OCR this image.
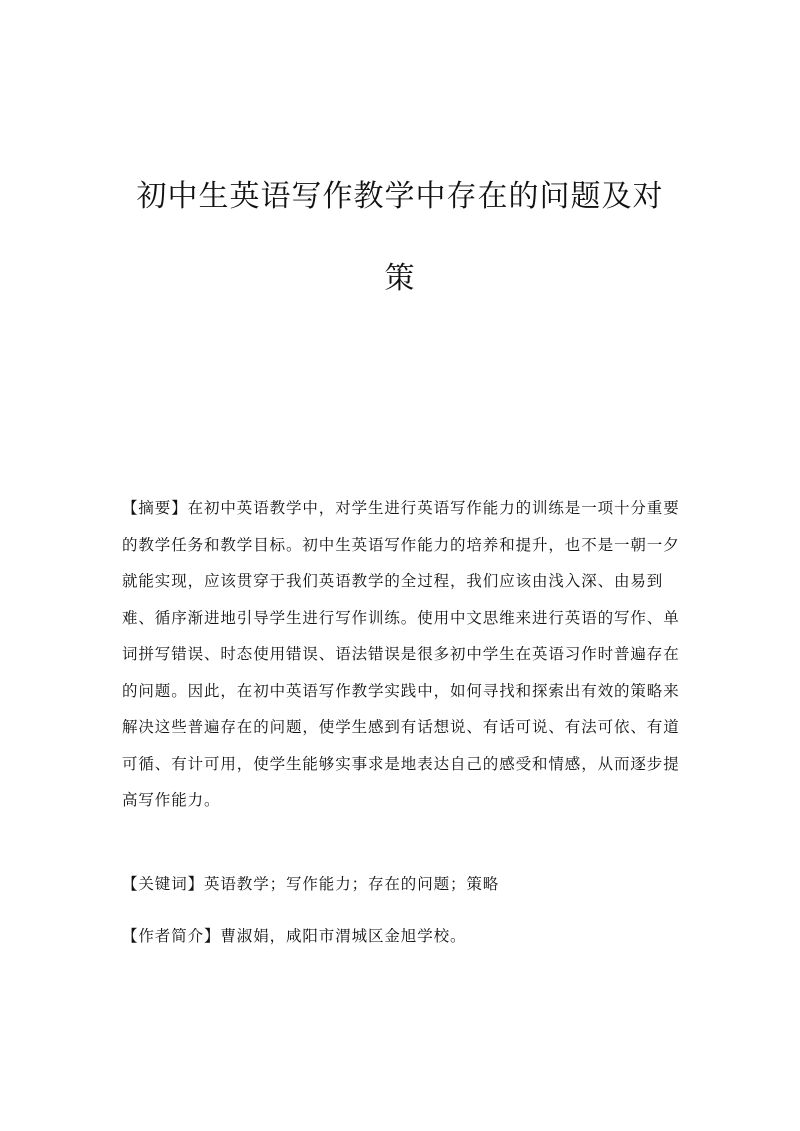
初中生英语写作教学中存在的问题及对
策
【摘要】在初中英语教学中，对学生进行英语写作能力的训练是一项十分重要
的教学任务和教学目标。初中生英语写作能力的培养和提升，也不是一朝一夕
就能实现，应该贯穿于我们英语教学的全过程，我们应该由浅入深、由易到
难、循序渐进地引导学生进行写作训练。使用中文思维来进行英语的写作、单
词拼写错误、时态使用错误、语法错误是很多初中学生在英语习作时普遍存在
的问题。因此，在初中英语写作教学实践中，如何寻找和探索出有效的策略来
解决这些普遍存在的问题，使学生感到有话想说、有话可说、有法可依、有道
可循、有计可用，使学生能够实事求是地表达自己的感受和情感，从而逐步提
高写作能力。
【关键词】英语教学；写作能力；存在的问题；策略
【作者简介】曹淑娟，咸阳市渭城区金旭学校。
